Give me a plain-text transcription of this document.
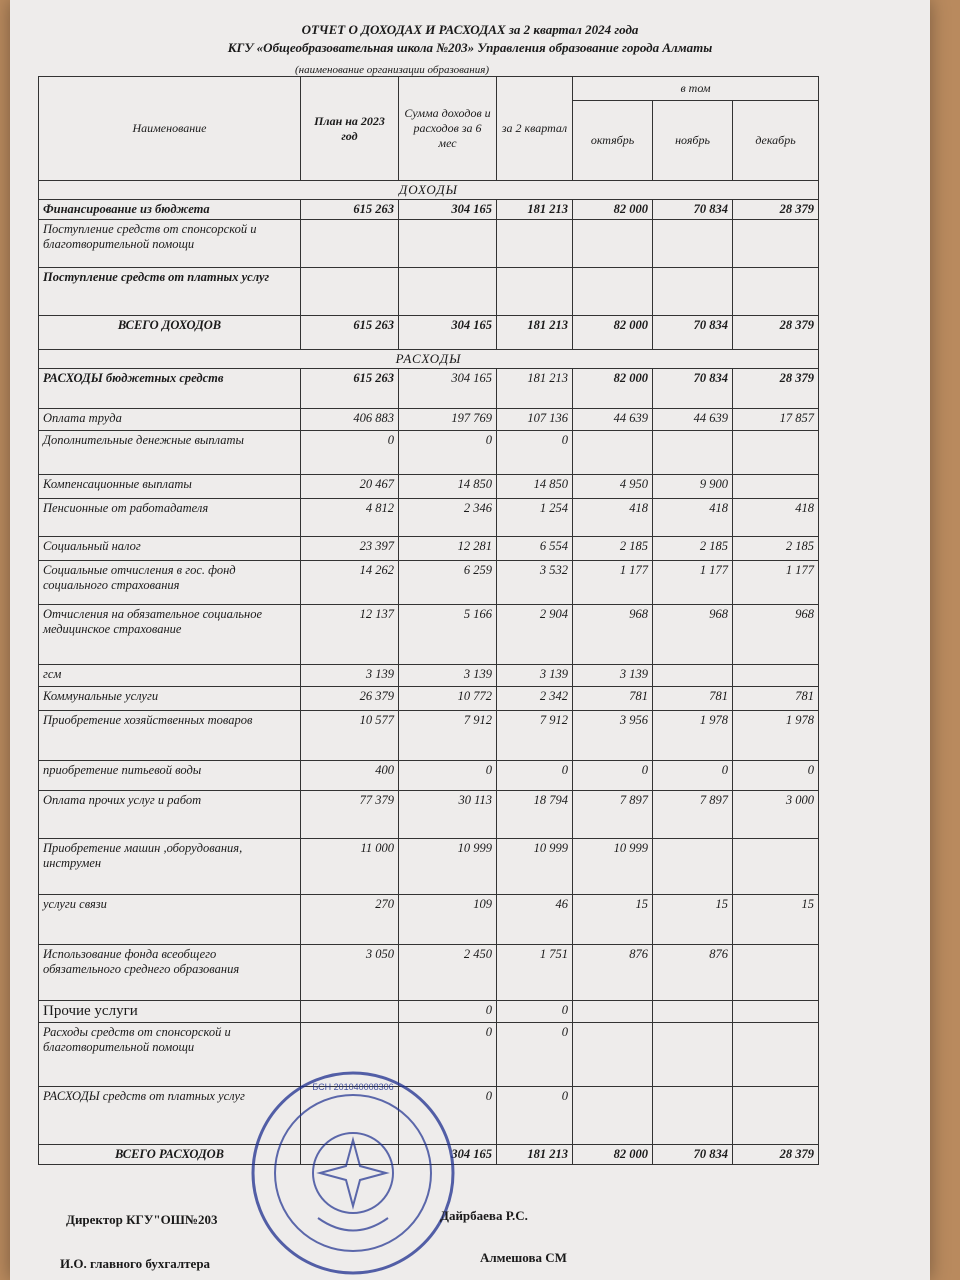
ОТЧЕТ О ДОХОДАХ И РАСХОДАХ за 2 квартал 2024 года
КГУ «Общеобразовательная школа №203» Управления образование города Алматы
(наименование организации образования)
Наименование	План на 2023 год	Сумма доходов и расходов за 6 мес	за 2 квартал	в том		
				октябрь	ноябрь	декабрь
ДОХОДЫ						
Финансирование из бюджета	615 263	304 165	181 213	82 000	70 834	28 379
Поступление средств от спонсорской и благотворительной помощи						
Поступление средств от платных услуг						
ВСЕГО ДОХОДОВ	615 263	304 165	181 213	82 000	70 834	28 379
РАСХОДЫ						
РАСХОДЫ бюджетных средств	615 263	304 165	181 213	82 000	70 834	28 379
Оплата труда	406 883	197 769	107 136	44 639	44 639	17 857
Дополнительные денежные выплаты	0	0	0			
Компенсационные выплаты	20 467	14 850	14 850	4 950	9 900	
Пенсионные от работадателя	4 812	2 346	1 254	418	418	418
Социальный налог	23 397	12 281	6 554	2 185	2 185	2 185
Социальные отчисления в гос. фонд социального страхования	14 262	6 259	3 532	1 177	1 177	1 177
Отчисления на обязательное социальное медицинское страхование	12 137	5 166	2 904	968	968	968
гсм	3 139	3 139	3 139	3 139		
Коммунальные услуги	26 379	10 772	2 342	781	781	781
Приобретение хозяйственных товаров	10 577	7 912	7 912	3 956	1 978	1 978
приобретение питьевой воды	400	0	0	0	0	0
Оплата прочих услуг и работ	77 379	30 113	18 794	7 897	7 897	3 000
Приобретение машин ,оборудования, инструмен	11 000	10 999	10 999	10 999		
услуги связи	270	109	46	15	15	15
Использование фонда всеобщего обязательного среднего образования	3 050	2 450	1 751	876	876	
Прочие услуги		0	0			
Расходы средств от спонсорской и благотворительной помощи		0	0			
РАСХОДЫ средств от платных услуг		0	0			
ВСЕГО РАСХОДОВ		304 165	181 213	82 000	70 834	28 379
БСН 201040008306
Директор КГУ"ОШ№203	Дайрбаева Р.С.
И.О. главного бухгалтера	Алмешова СМ
